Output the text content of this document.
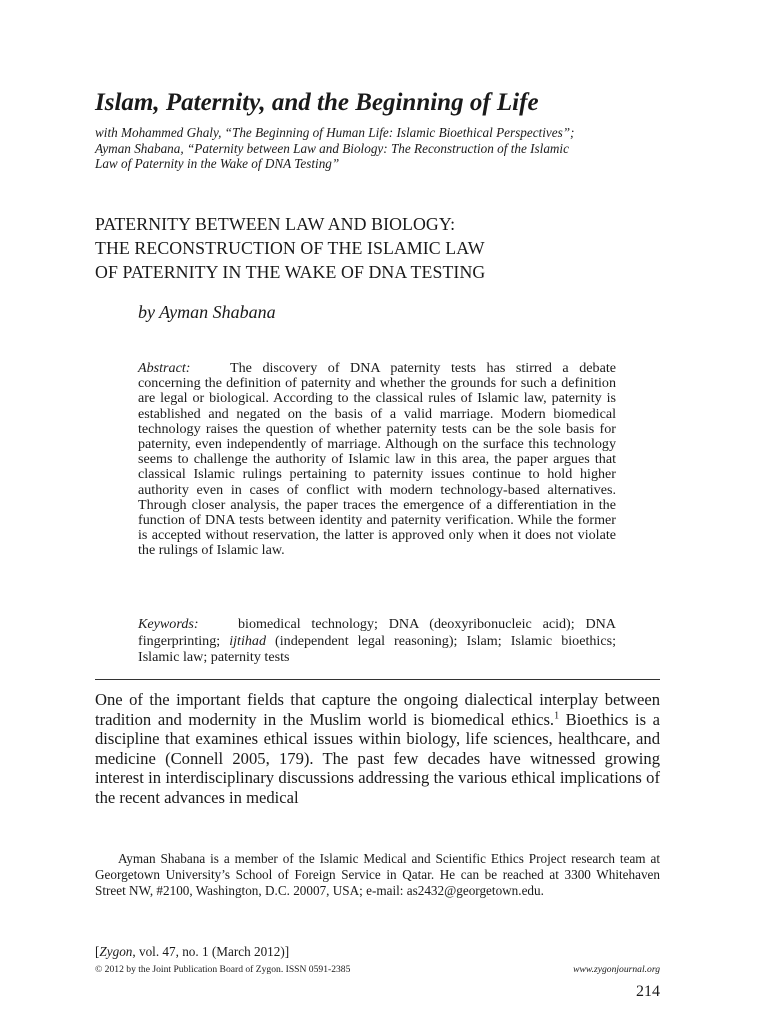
Islam, Paternity, and the Beginning of Life
with Mohammed Ghaly, “The Beginning of Human Life: Islamic Bioethical Perspectives”;
Ayman Shabana, “Paternity between Law and Biology: The Reconstruction of the Islamic
Law of Paternity in the Wake of DNA Testing”
PATERNITY BETWEEN LAW AND BIOLOGY:
THE RECONSTRUCTION OF THE ISLAMIC LAW
OF PATERNITY IN THE WAKE OF DNA TESTING
by Ayman Shabana

Abstract:	The discovery of DNA paternity tests has stirred a debate concerning the definition of paternity and whether the grounds for such a definition are legal or biological. According to the classical rules of Islamic law, paternity is established and negated on the basis of a valid marriage. Modern biomedical technology raises the question of whether paternity tests can be the sole basis for paternity, even independently of marriage. Although on the surface this technology seems to challenge the authority of Islamic law in this area, the paper argues that classical Islamic rulings pertaining to paternity issues continue to hold higher authority even in cases of conflict with modern technology-based alternatives. Through closer analysis, the paper traces the emergence of a differentiation in the function of DNA tests between identity and paternity verification. While the former is accepted without reservation, the latter is approved only when it does not violate the rulings of Islamic law.

Keywords:	biomedical technology; DNA (deoxyribonucleic acid); DNA fingerprinting; ijtihad (independent legal reasoning); Islam; Islamic bioethics; Islamic law; paternity tests

One of the important fields that capture the ongoing dialectical interplay between tradition and modernity in the Muslim world is biomedical ethics.$^1$ Bioethics is a discipline that examines ethical issues within biology, life sciences, healthcare, and medicine (Connell 2005, 179). The past few decades have witnessed growing interest in interdisciplinary discussions addressing the various ethical implications of the recent advances in medical

Ayman Shabana is a member of the Islamic Medical and Scientific Ethics Project research team at Georgetown University’s School of Foreign Service in Qatar. He can be reached at 3300 Whitehaven Street NW, #2100, Washington, D.C. 20007, USA; e-mail: as2432@georgetown.edu.

[Zygon, vol. 47, no. 1 (March 2012)]
© 2012 by the Joint Publication Board of Zygon. ISSN 0591-2385	www.zygonjournal.org
214
